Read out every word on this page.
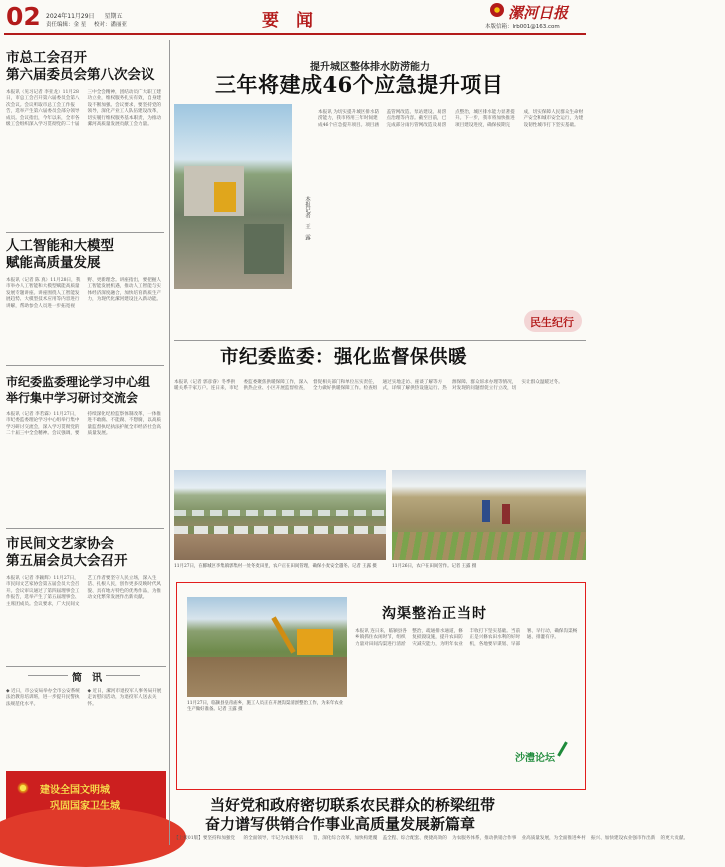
02 2024年11月29日 星期五
责任编辑：金 星 校对：潘丽亚	要　闻	漯河日报
本版信箱：lrb001@163.com
市总工会召开
第六届委员会第八次会议
本报讯（见习记者 李亚龙）11月28日，市总工会召开第六届委员会第八次会议。会议听取市总工会工作报告，选举产生第六届委员会部分领导成员。会议指出，今年以来，全市各级工会组织深入学习贯彻党的二十届三中全会精神，团结动员广大职工建功立业，维权服务扎实有效，自身建设不断加强。会议要求，要坚持党的领导，深化产业工人队伍建设改革，切实履行维权服务基本职责，为推动漯河高质量发展贡献工会力量。
人工智能和大模型
赋能高质量发展
本报讯（记者 陈 真）11月28日，我市举办人工智能和大模型赋能高质量发展专题讲座。讲座围绕人工智能发展趋势、大模型技术应用等内容进行讲解，帮助参会人员进一步拓宽视野、更新理念。讲座指出，要把握人工智能发展机遇，推动人工智能与实体经济深度融合，加快培育新质生产力，为现代化漯河建设注入新动能。
市纪委监委理论学习中心组
举行集中学习研讨交流会
本报讯（记者 李若霖）11月27日，市纪委监委理论学习中心组举行集中学习研讨交流会，深入学习贯彻党的二十届三中全会精神。会议强调，要持续深化纪检监察体制改革，一体推进不敢腐、不能腐、不想腐，以高质量监督执纪执法护航全市经济社会高质量发展。
市民间文艺家协会
第五届会员大会召开
本报讯（记者 李颖辉）11月27日，市民间文艺家协会第五届会员大会召开。会议审议通过了第四届理事会工作报告，选举产生了第五届理事会、主席团成员。会议要求，广大民间文艺工作者要坚守人民立场，深入生活、扎根人民，创作更多反映时代风貌、具有地方特色的优秀作品，为推动文化繁荣发展作出新贡献。
简　讯

◆ 近日，市公安局举办全市公安系统法治教育培训班，进一步提升民警执法规范化水平。

◆ 近日，漯河市退役军人事务局开展走访慰问活动，为退役军人送去关怀。

建设全国文明城
巩固国家卫生城
提升城区整体排水防涝能力
三年将建成46个应急提升项目
本报记者　王　露
本报讯 为切实提升城区排水防涝能力，我市将用三年时间建成46个应急提升项目。项目涵盖管网改造、泵站建设、易涝点治理等内容。截至目前，已完成部分雨污管网改造及易涝点整治，城区排水能力显著提升。下一步，我市将加快推进项目建设进度，确保按期完成，切实保障人民群众生命财产安全和城市安全运行，为建设韧性城市打下坚实基础。
民生纪行
市纪委监委：强化监督保供暖
本报讯（记者 郭彦睿）冬季供暖关系千家万户。连日来，市纪委监委聚焦供暖保障工作，深入供热企业、小区开展监督检查，督促相关部门和单位压实责任，全力做好供暖保障工作。检查组通过实地走访、座谈了解等方式，详细了解供热设施运行、热源保障、群众诉求办理等情况，对发现的问题督促立行立改，切实让群众温暖过冬。
11月27日，在郾城区李集镇郭集村一处冬麦田里，农户正在田间管理，确保小麦安全越冬。记者 王露 摄	11月26日，农户在田间劳作。记者 王露 摄
沟渠整治正当时
11月27日，临颍县皇帝庙乡，施工人员正在开展沟渠清淤整治工作，为来年农业生产做好准备。记者 王露 摄
本报讯 连日来，临颍县各乡镇抓住农闲时节，组织力量对田间沟渠进行清淤整治，疏通排水通道，修复损毁设施，提升农田防灾减灾能力，为明年农业丰收打下坚实基础。当前正是兴修农田水利的好时机，各地要早谋划、早部署、早行动，确保沟渠畅通、排灌有序。
沙澧论坛
当好党和政府密切联系农民群众的桥梁纽带
奋力谱写供销合作事业高质量发展新篇章
【上接01版】要坚持和加强党的全面领导，牢记为农服务宗旨，深化综合改革，加快构建覆盖全程、综合配套、便捷高效的为农服务体系，推动供销合作事业高质量发展，为全面推进乡村振兴、加快建设农业强市作出新的更大贡献。
